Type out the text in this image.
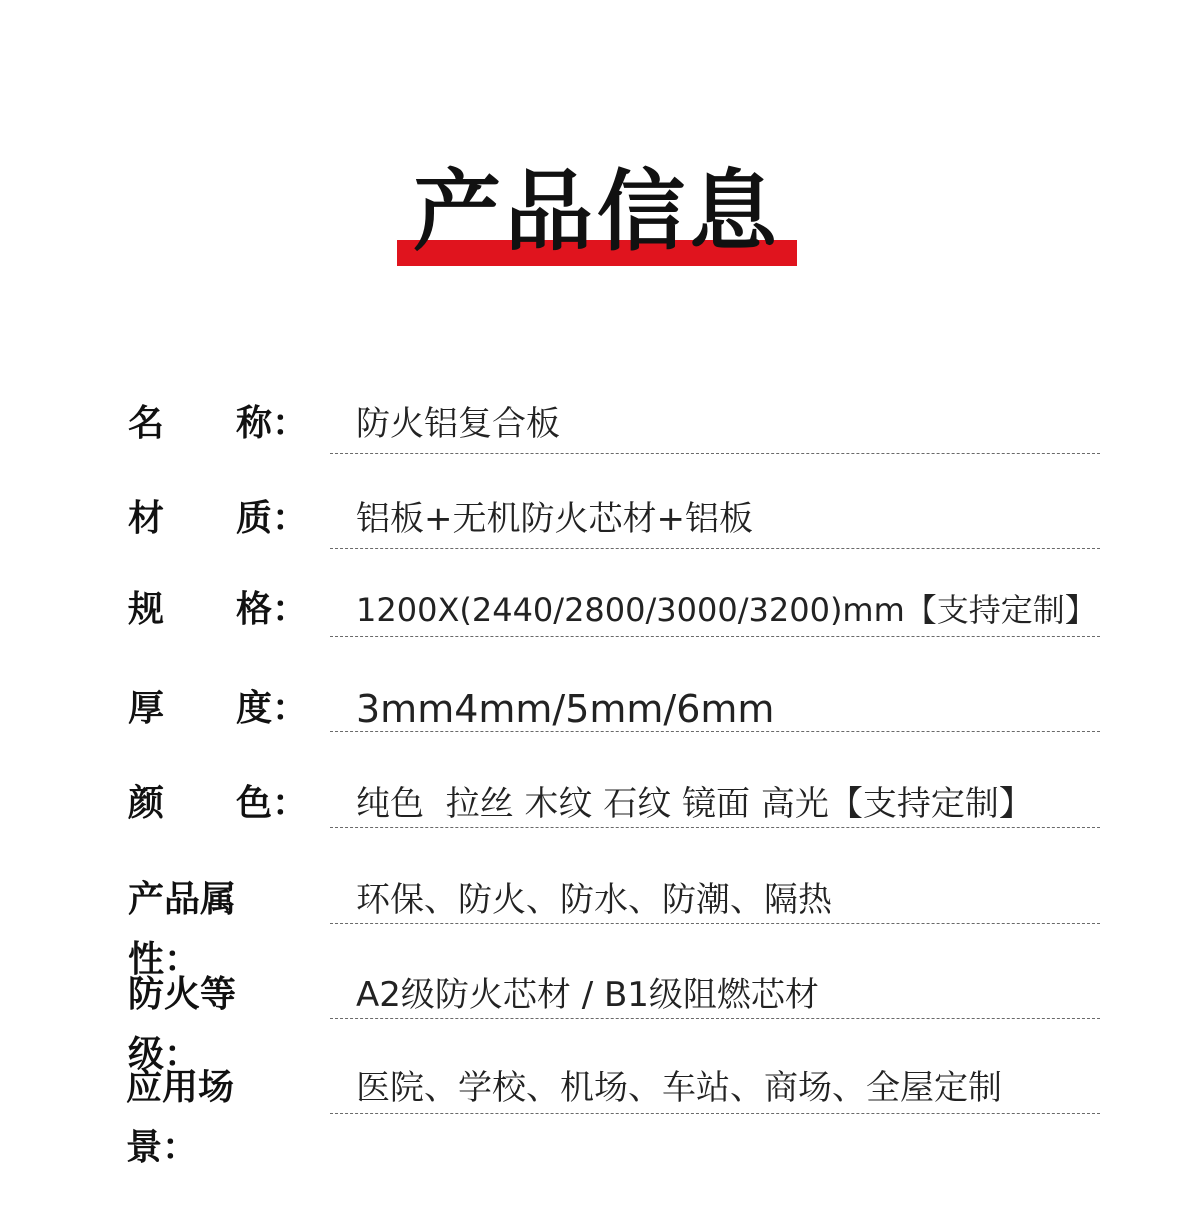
产品信息
名 称 ：	防火铝复合板
材 质 ：	铝板+无机防火芯材+铝板
规 格 ：	1200X(2440/2800/3000/3200)mm【支持定制】
厚 度 ：	3mm4mm/5mm/6mm
颜 色 ：	纯色  拉丝 木纹 石纹 镜面 高光【支持定制】
产品属性 ：
环保、防火、防水、防潮、隔热
防火等级 ：
A2级防火芯材 / B1级阻燃芯材
应用场景 ：
医院、学校、机场、车站、商场、全屋定制
